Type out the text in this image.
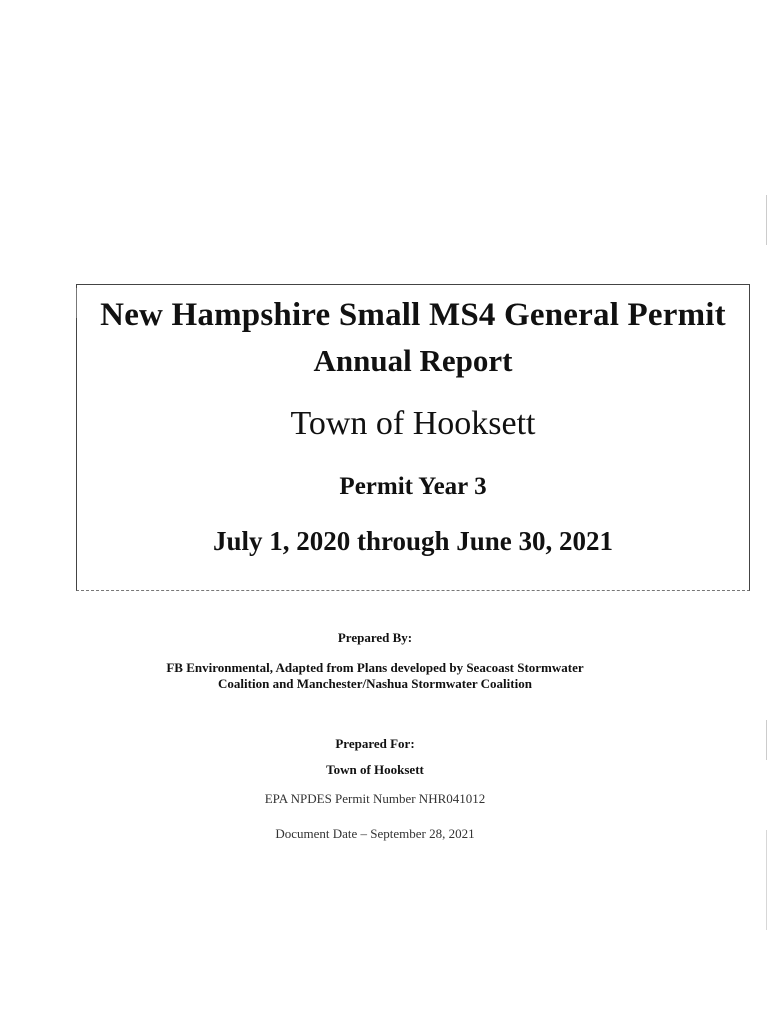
New Hampshire Small MS4 General Permit
Annual Report
Town of Hooksett
Permit Year 3
July 1, 2020 through June 30, 2021
Prepared By:
FB Environmental, Adapted from Plans developed by Seacoast Stormwater Coalition and Manchester/Nashua Stormwater Coalition
Prepared For:
Town of Hooksett
EPA NPDES Permit Number NHR041012
Document Date – September 28, 2021
